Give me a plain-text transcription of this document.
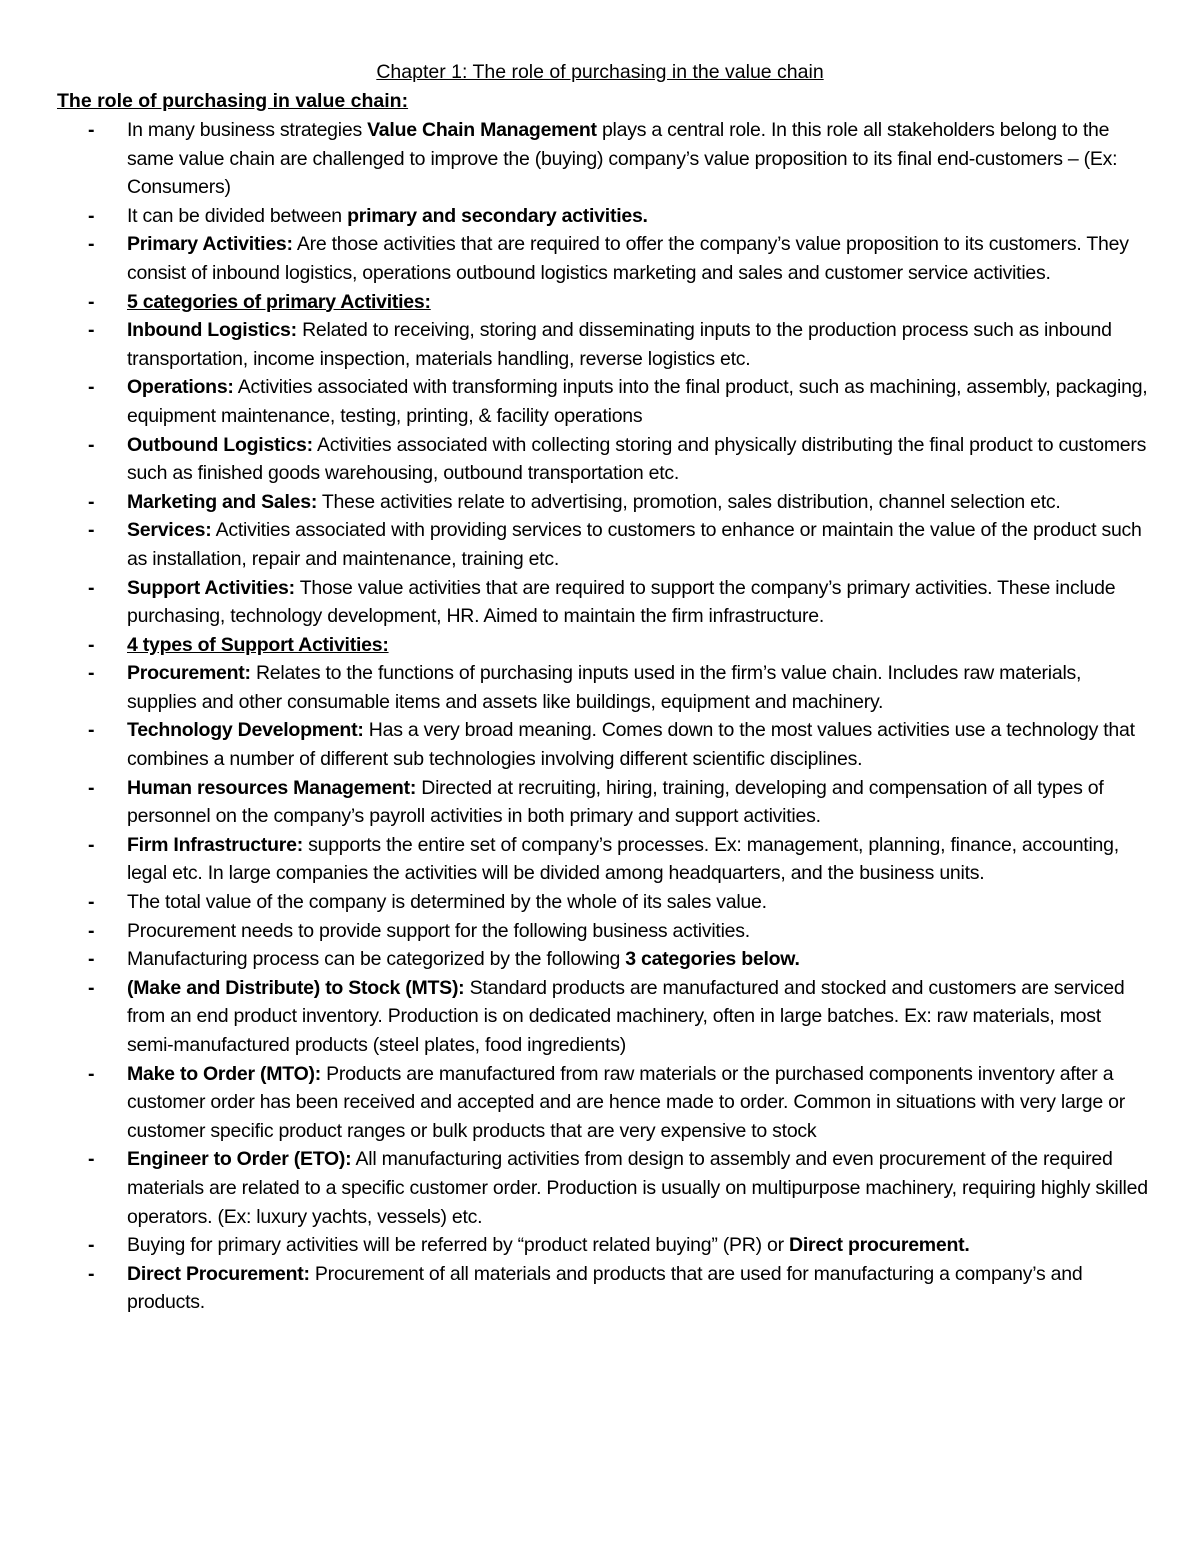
Chapter 1: The role of purchasing in the value chain
The role of purchasing in value chain:
- In many business strategies Value Chain Management plays a central role. In this role all stakeholders belong to the same value chain are challenged to improve the (buying) company’s value proposition to its final end-customers – (Ex: Consumers)
- It can be divided between primary and secondary activities.
- Primary Activities: Are those activities that are required to offer the company’s value proposition to its customers. They consist of inbound logistics, operations outbound logistics marketing and sales and customer service activities.
- 5 categories of primary Activities:
- Inbound Logistics: Related to receiving, storing and disseminating inputs to the production process such as inbound transportation, income inspection, materials handling, reverse logistics etc.
- Operations: Activities associated with transforming inputs into the final product, such as machining, assembly, packaging, equipment maintenance, testing, printing, & facility operations
- Outbound Logistics: Activities associated with collecting storing and physically distributing the final product to customers such as finished goods warehousing, outbound transportation etc.
- Marketing and Sales: These activities relate to advertising, promotion, sales distribution, channel selection etc.
- Services: Activities associated with providing services to customers to enhance or maintain the value of the product such as installation, repair and maintenance, training etc.
- Support Activities: Those value activities that are required to support the company’s primary activities. These include purchasing, technology development, HR. Aimed to maintain the firm infrastructure.
- 4 types of Support Activities:
- Procurement: Relates to the functions of purchasing inputs used in the firm’s value chain. Includes raw materials, supplies and other consumable items and assets like buildings, equipment and machinery.
- Technology Development: Has a very broad meaning. Comes down to the most values activities use a technology that combines a number of different sub technologies involving different scientific disciplines.
- Human resources Management: Directed at recruiting, hiring, training, developing and compensation of all types of personnel on the company’s payroll activities in both primary and support activities.
- Firm Infrastructure: supports the entire set of company’s processes. Ex: management, planning, finance, accounting, legal etc. In large companies the activities will be divided among headquarters, and the business units.
- The total value of the company is determined by the whole of its sales value.
- Procurement needs to provide support for the following business activities.
- Manufacturing process can be categorized by the following 3 categories below.
- (Make and Distribute) to Stock (MTS): Standard products are manufactured and stocked and customers are serviced from an end product inventory. Production is on dedicated machinery, often in large batches. Ex: raw materials, most semi-manufactured products (steel plates, food ingredients)
- Make to Order (MTO): Products are manufactured from raw materials or the purchased components inventory after a customer order has been received and accepted and are hence made to order. Common in situations with very large or customer specific product ranges or bulk products that are very expensive to stock
- Engineer to Order (ETO): All manufacturing activities from design to assembly and even procurement of the required materials are related to a specific customer order. Production is usually on multipurpose machinery, requiring highly skilled operators. (Ex: luxury yachts, vessels) etc.
- Buying for primary activities will be referred by “product related buying” (PR) or Direct procurement.
- Direct Procurement: Procurement of all materials and products that are used for manufacturing a company’s and products.
